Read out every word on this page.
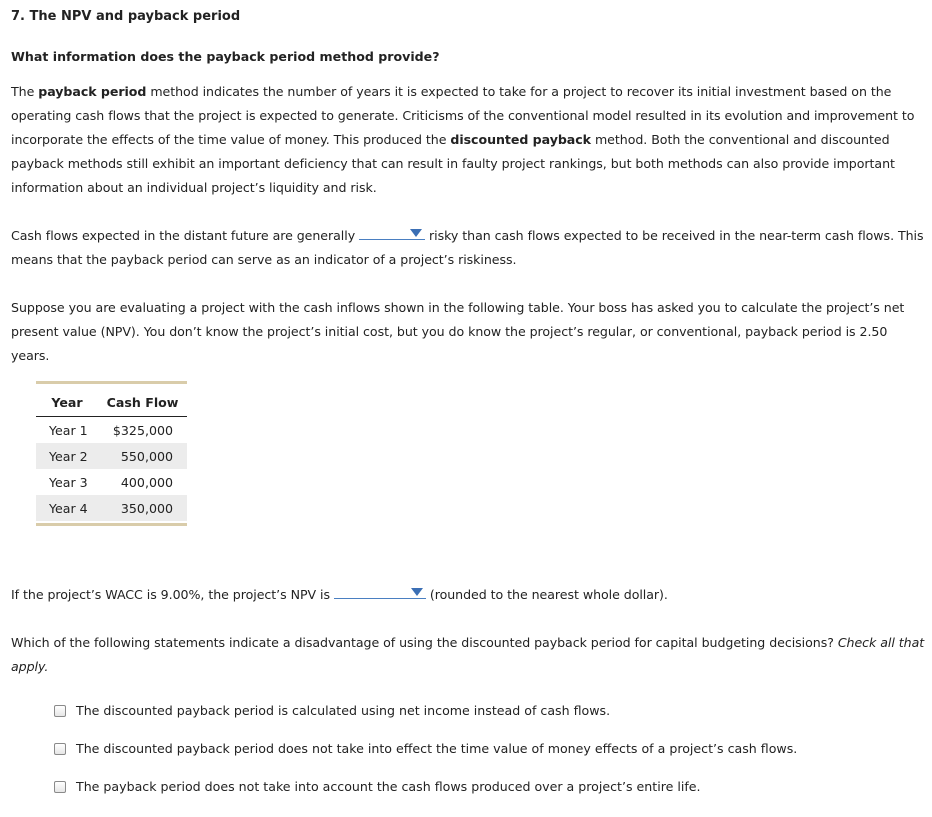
7. The NPV and payback period
What information does the payback period method provide?
The payback period method indicates the number of years it is expected to take for a project to recover its initial investment based on the operating cash flows that the project is expected to generate. Criticisms of the conventional model resulted in its evolution and improvement to incorporate the effects of the time value of money. This produced the discounted payback method. Both the conventional and discounted payback methods still exhibit an important deficiency that can result in faulty project rankings, but both methods can also provide important information about an individual project’s liquidity and risk.
Cash flows expected in the distant future are generally	risky than cash flows expected to be received in the near-term cash flows. This means that the payback period can serve as an indicator of a project’s riskiness.
Suppose you are evaluating a project with the cash inflows shown in the following table. Your boss has asked you to calculate the project’s net present value (NPV). You don’t know the project’s initial cost, but you do know the project’s regular, or conventional, payback period is 2.50 years.
Year	Cash Flow
Year 1	$325,000
Year 2	550,000
Year 3	400,000
Year 4	350,000
If the project’s WACC is 9.00%, the project’s NPV is	(rounded to the nearest whole dollar).
Which of the following statements indicate a disadvantage of using the discounted payback period for capital budgeting decisions? Check all that apply.
The discounted payback period is calculated using net income instead of cash flows.
The discounted payback period does not take into effect the time value of money effects of a project’s cash flows.
The payback period does not take into account the cash flows produced over a project’s entire life.
